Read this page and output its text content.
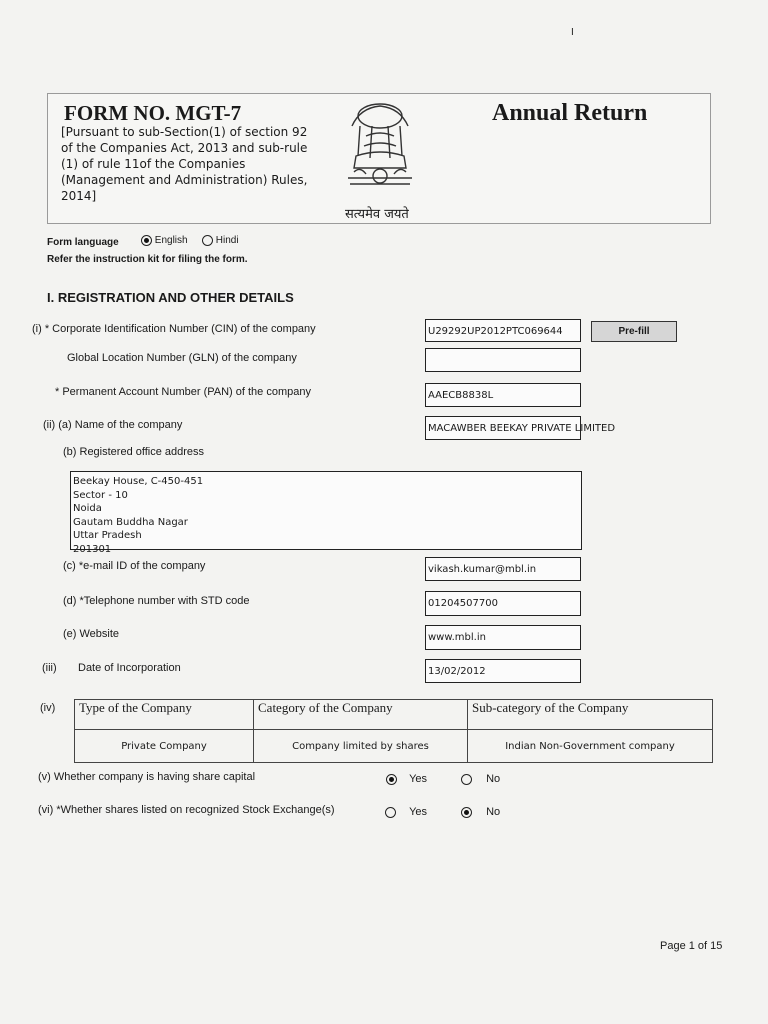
I
FORM NO. MGT-7
[Pursuant to sub-Section(1) of section 92 of the Companies Act, 2013 and sub-rule (1) of rule 11of the Companies (Management and Administration) Rules, 2014]
Annual Return
सत्यमेव जयते
Form language	English	Hindi
Refer the instruction kit for filing the form.
I. REGISTRATION AND OTHER DETAILS
(i) * Corporate Identification Number (CIN) of the company	U29292UP2012PTC069644	Pre-fill
Global Location Number (GLN) of the company
* Permanent Account Number (PAN) of the company	AAECB8838L
(ii) (a) Name of the company	MACAWBER BEEKAY PRIVATE LIMITED
(b) Registered office address
Beekay House, C-450-451
Sector - 10
Noida
Gautam Buddha Nagar
Uttar Pradesh
201301
(c) *e-mail ID of the company	vikash.kumar@mbl.in
(d) *Telephone number with STD code	01204507700
(e) Website	www.mbl.in
(iii) Date of Incorporation	13/02/2012
(iv) Type of the Company	Category of the Company	Sub-category of the Company
Private Company	Company limited by shares	Indian Non-Government company
(v) Whether company is having share capital	Yes	No
(vi) *Whether shares listed on recognized Stock Exchange(s)	Yes	No
Page 1 of 15
